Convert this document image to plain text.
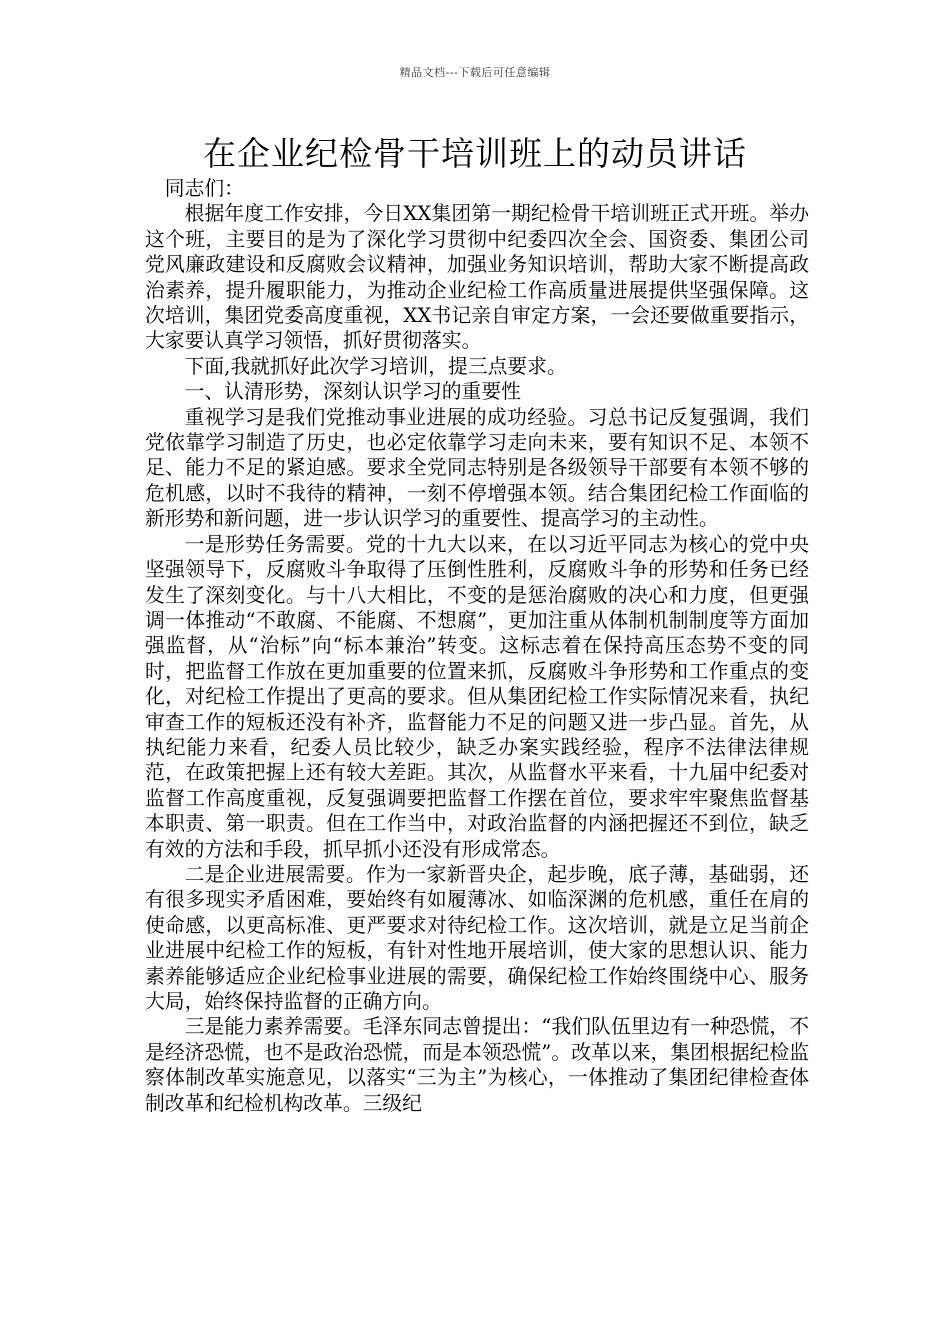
精品文档---下载后可任意编辑
在企业纪检骨干培训班上的动员讲话

同志们：

根据年度工作安排，今日XX集团第一期纪检骨干培训班正式开班。举办这个班，主要目的是为了深化学习贯彻中纪委四次全会、国资委、集团公司党风廉政建设和反腐败会议精神，加强业务知识培训，帮助大家不断提高政治素养，提升履职能力，为推动企业纪检工作高质量进展提供坚强保障。这次培训，集团党委高度重视，XX书记亲自审定方案，一会还要做重要指示，大家要认真学习领悟，抓好贯彻落实。

下面,我就抓好此次学习培训，提三点要求。

一、认清形势，深刻认识学习的重要性

重视学习是我们党推动事业进展的成功经验。习总书记反复强调，我们党依靠学习制造了历史，也必定依靠学习走向未来，要有知识不足、本领不足、能力不足的紧迫感。要求全党同志特别是各级领导干部要有本领不够的危机感，以时不我待的精神，一刻不停增强本领。结合集团纪检工作面临的新形势和新问题，进一步认识学习的重要性、提高学习的主动性。

一是形势任务需要。党的十九大以来，在以习近平同志为核心的党中央坚强领导下，反腐败斗争取得了压倒性胜利，反腐败斗争的形势和任务已经发生了深刻变化。与十八大相比，不变的是惩治腐败的决心和力度，但更强调一体推动“不敢腐、不能腐、不想腐”，更加注重从体制机制制度等方面加强监督，从“治标”向“标本兼治”转变。这标志着在保持高压态势不变的同时，把监督工作放在更加重要的位置来抓，反腐败斗争形势和工作重点的变化，对纪检工作提出了更高的要求。但从集团纪检工作实际情况来看，执纪审查工作的短板还没有补齐，监督能力不足的问题又进一步凸显。首先，从执纪能力来看，纪委人员比较少，缺乏办案实践经验，程序不法律法律规范，在政策把握上还有较大差距。其次，从监督水平来看，十九届中纪委对监督工作高度重视，反复强调要把监督工作摆在首位，要求牢牢聚焦监督基本职责、第一职责。但在工作当中，对政治监督的内涵把握还不到位，缺乏有效的方法和手段，抓早抓小还没有形成常态。

二是企业进展需要。作为一家新晋央企，起步晚，底子薄，基础弱，还有很多现实矛盾困难，要始终有如履薄冰、如临深渊的危机感，重任在肩的使命感，以更高标准、更严要求对待纪检工作。这次培训，就是立足当前企业进展中纪检工作的短板，有针对性地开展培训，使大家的思想认识、能力素养能够适应企业纪检事业进展的需要，确保纪检工作始终围绕中心、服务大局，始终保持监督的正确方向。

三是能力素养需要。毛泽东同志曾提出：“我们队伍里边有一种恐慌，不是经济恐慌，也不是政治恐慌，而是本领恐慌”。改革以来，集团根据纪检监察体制改革实施意见，以落实“三为主”为核心，一体推动了集团纪律检查体制改革和纪检机构改革。三级纪
